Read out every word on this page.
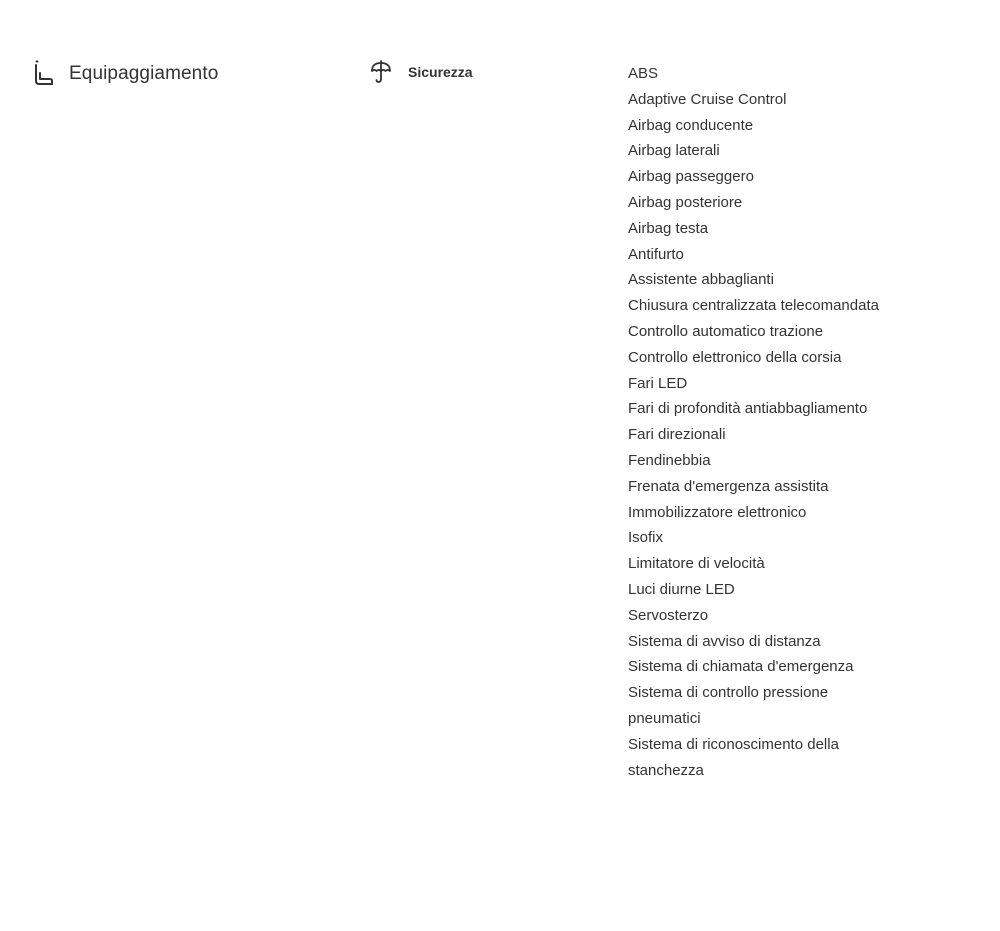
Equipaggiamento	Sicurezza	ABS
Adaptive Cruise Control
Airbag conducente
Airbag laterali
Airbag passeggero
Airbag posteriore
Airbag testa
Antifurto
Assistente abbaglianti
Chiusura centralizzata telecomandata
Controllo automatico trazione
Controllo elettronico della corsia
Fari LED
Fari di profondità antiabbagliamento
Fari direzionali
Fendinebbia
Frenata d'emergenza assistita
Immobilizzatore elettronico
Isofix
Limitatore di velocità
Luci diurne LED
Servosterzo
Sistema di avviso di distanza
Sistema di chiamata d'emergenza
Sistema di controllo pressione pneumatici
Sistema di riconoscimento della stanchezza
